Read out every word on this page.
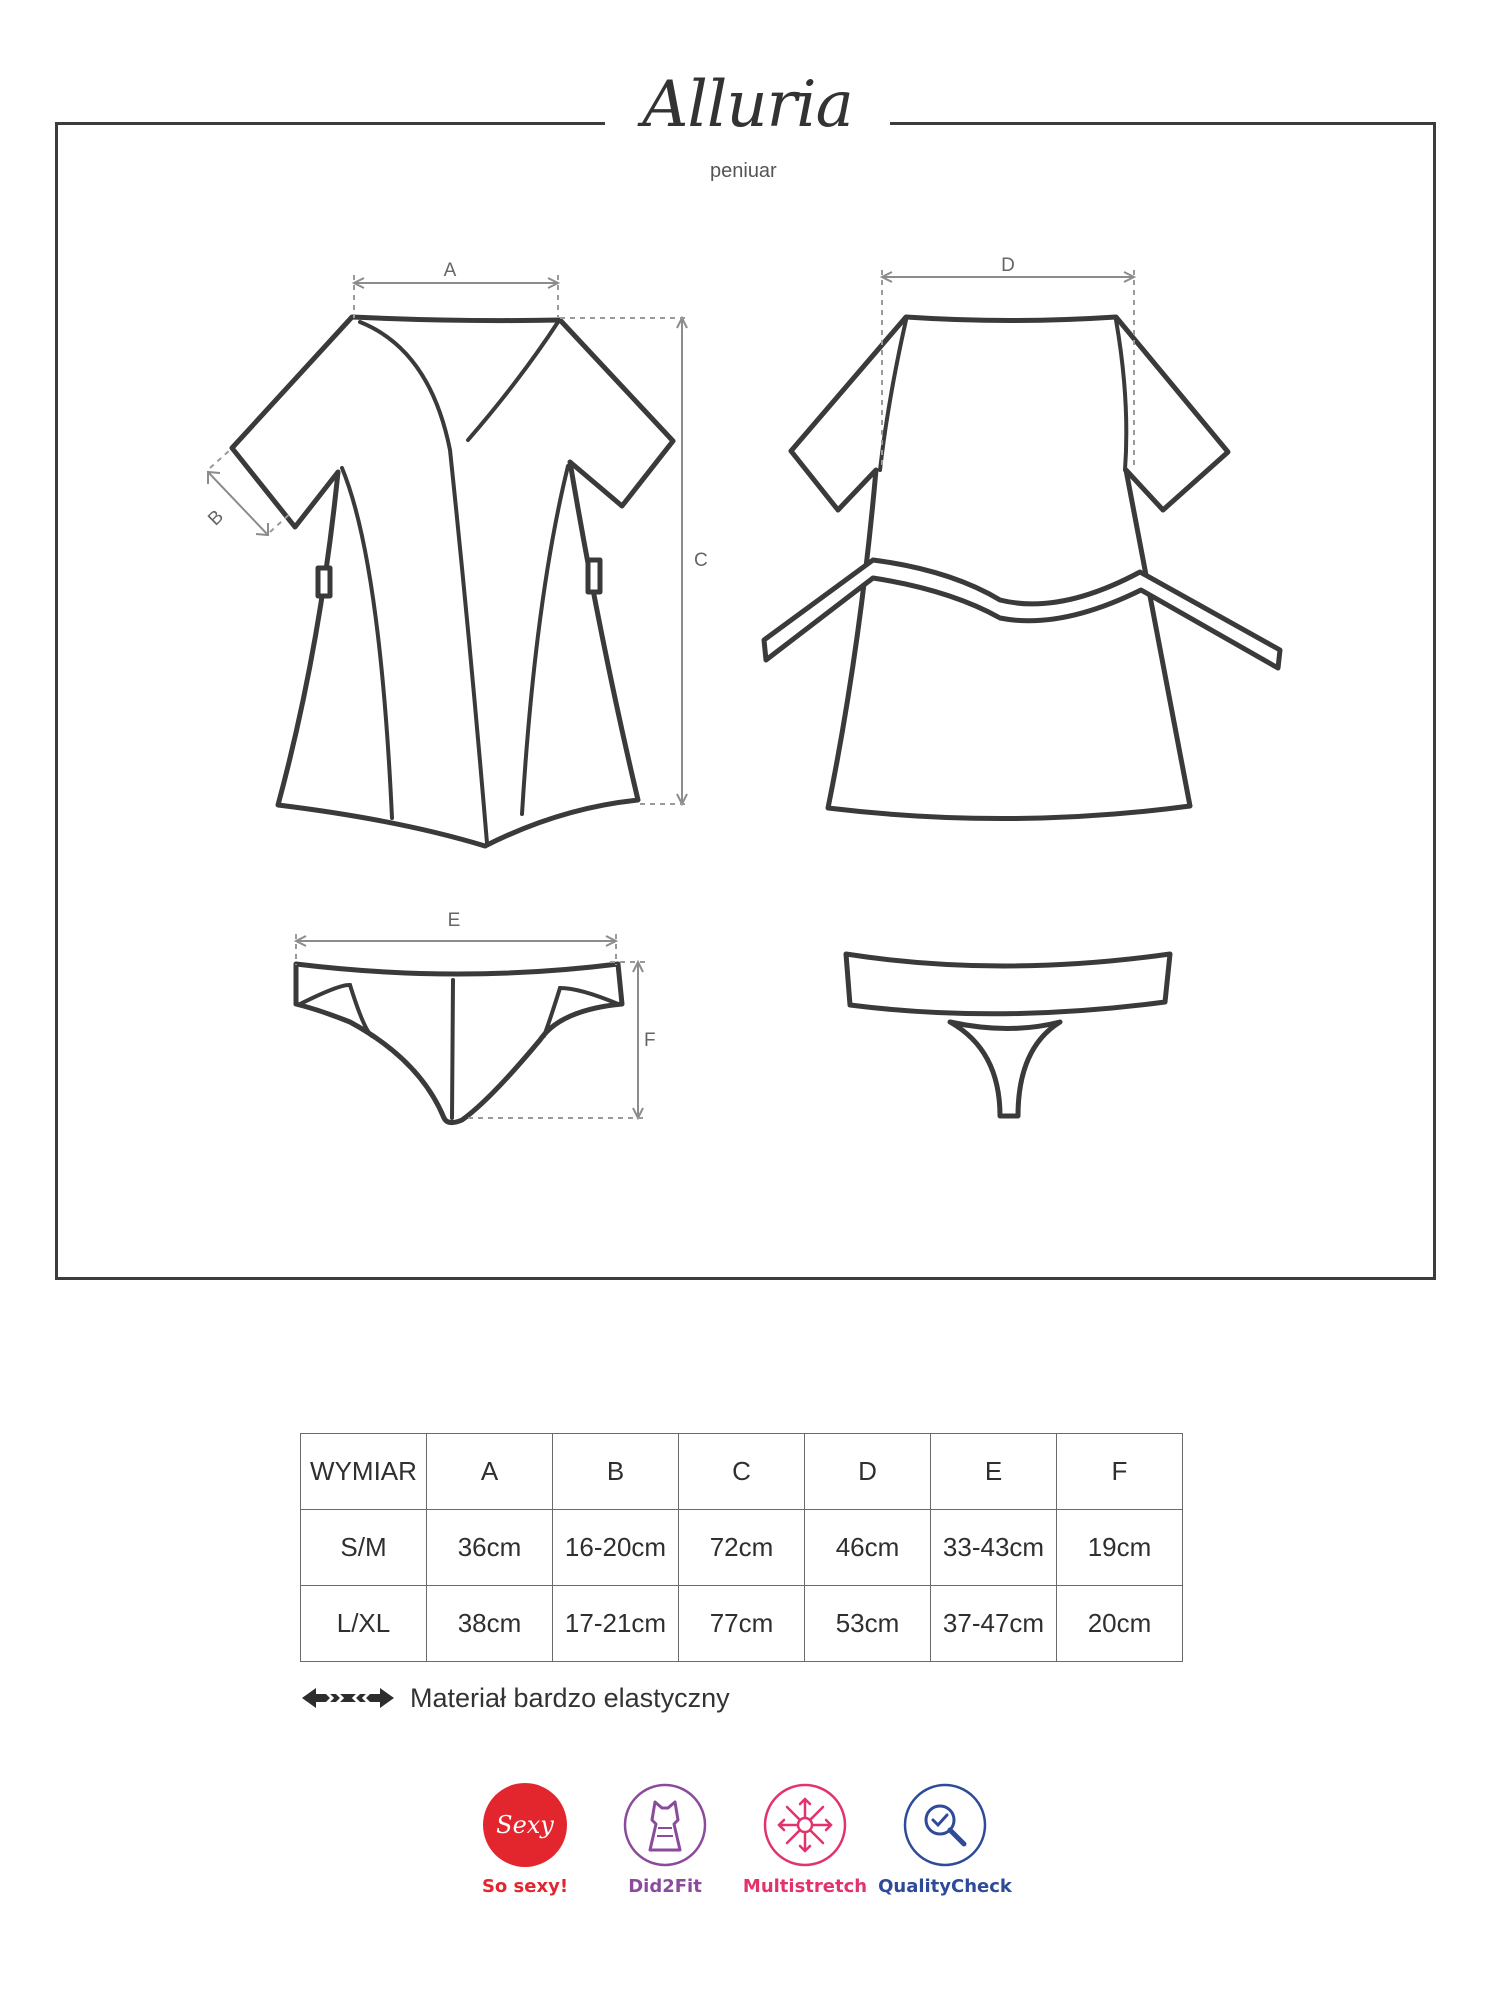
Alluria
peniuar
A
B
C
D
E
F
WYMIAR	A	B	C	D	E	F
S/M	36cm	16-20cm	72cm	46cm	33-43cm	19cm
L/XL	38cm	17-21cm	77cm	53cm	37-47cm	20cm
Materiał bardzo elastyczny
Sexy
So sexy!	Did2Fit	Multistretch QualityCheck
